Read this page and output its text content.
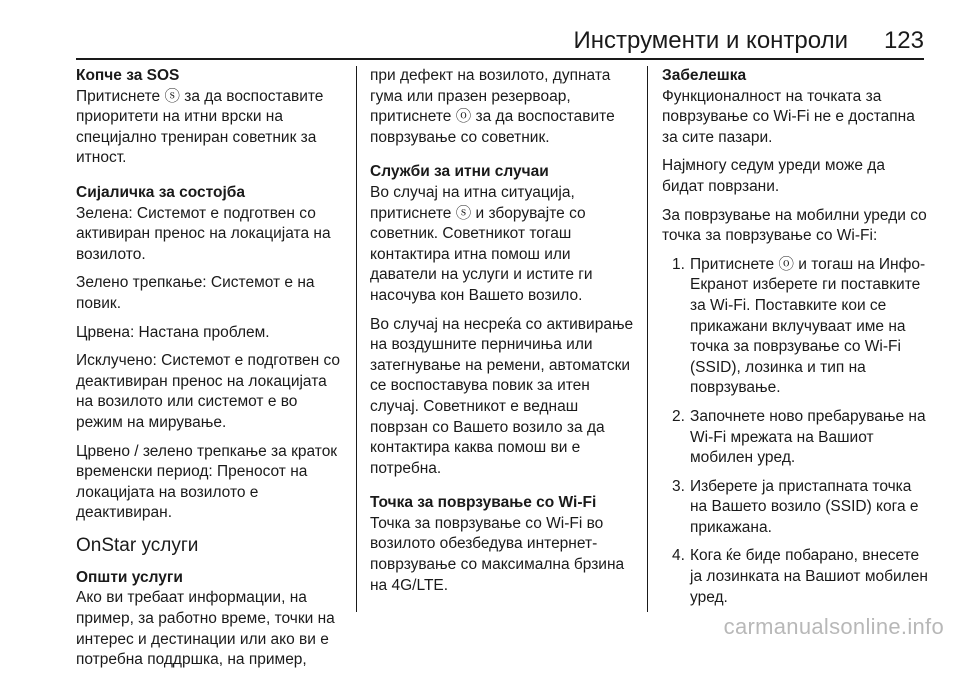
Инструменти и контроли 123

Копче за SOS

Притиснете ⓢ за да воспоставите приоритети на итни врски на специјално трениран советник за итност.

Сијаличка за состојба

Зелена: Системот е подготвен со активиран пренос на локацијата на возилото.

Зелено трепкање: Системот е на повик.

Црвена: Настана проблем.

Исклучено: Системот е подготвен со деактивиран пренос на локацијата на возилото или системот е во режим на мирување.

Црвено / зелено трепкање за краток временски период: Преносот на локацијата на возилото е деактивиран.

OnStar услуги

Општи услуги

Ако ви требаат информации, на пример, за работно време, точки на интерес и дестинации или ако ви е потребна поддршка, на пример,

при дефект на возилото, дупната гума или празен резервоар, притиснете ⓞ за да воспоставите поврзување со советник.

Служби за итни случаи

Во случај на итна ситуација, притиснете ⓢ и зборувајте со советник. Советникот тогаш контактира итна помош или даватели на услуги и истите ги насочува кон Вашето возило.

Во случај на несреќа со активирање на воздушните перничиња или затегнување на ремени, автоматски се воспоставува повик за итен случај. Советникот е веднаш поврзан со Вашето возило за да контактира каква помош ви е потребна.

Точка за поврзување со Wi-Fi

Точка за поврзување со Wi-Fi во возилото обезбедува интернет-поврзување со максимална брзина на 4G/LTE.

Забелешка

Функционалност на точката за поврзување со Wi-Fi не е достапна за сите пазари.

Најмногу седум уреди може да бидат поврзани.

За поврзување на мобилни уреди со точка за поврзување со Wi-Fi:

1. Притиснете ⓞ и тогаш на Инфо-Екранот изберете ги поставките за Wi-Fi. Поставките кои се прикажани вклучуваат име на точка за поврзување со Wi-Fi (SSID), лозинка и тип на поврзување.
2. Започнете ново пребарување на Wi-Fi мрежата на Вашиот мобилен уред.
3. Изберете ја пристапната точка на Вашето возило (SSID) кога е прикажана.
4. Кога ќе биде побарано, внесете ја лозинката на Вашиот мобилен уред.
carmanualsonline.info
